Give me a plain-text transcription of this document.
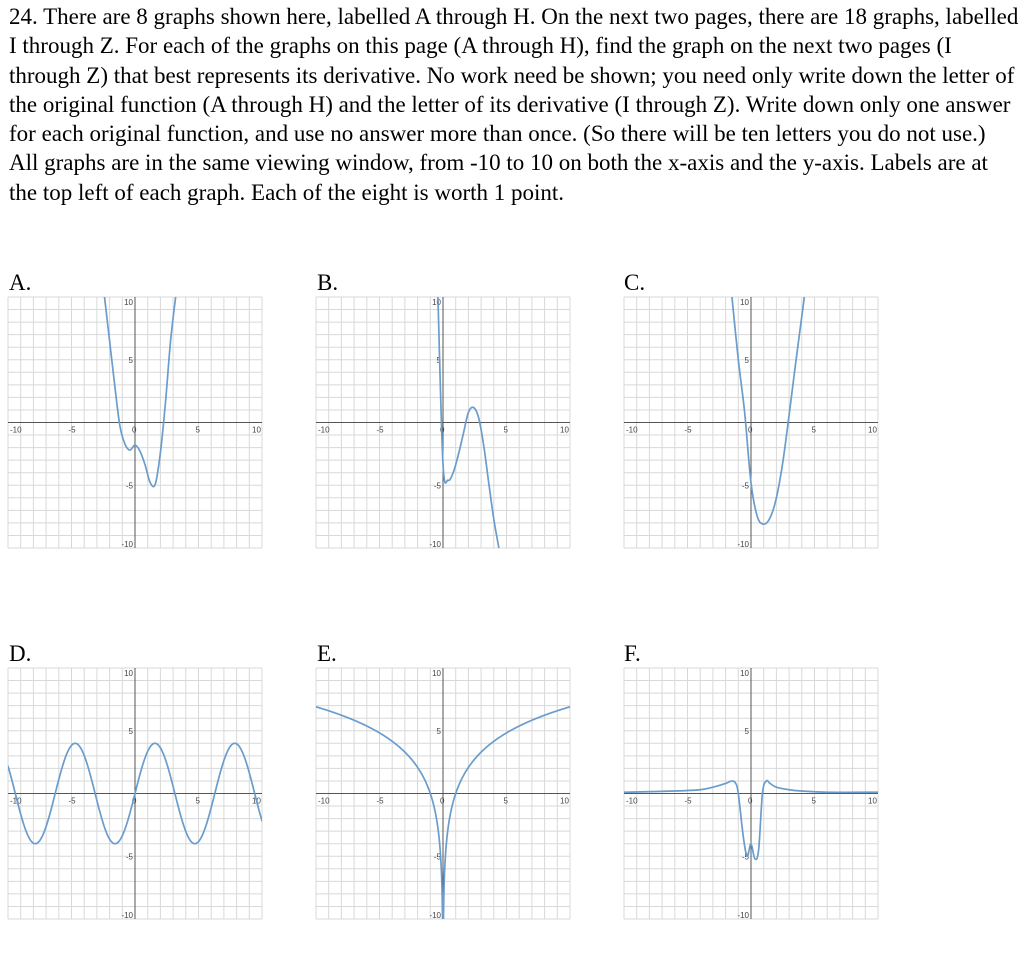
24. There are 8 graphs shown here, labelled A through H. On the next two pages, there are 18 graphs, labelled I through Z. For each of the graphs on this page (A through H), find the graph on the next two pages (I through Z) that best represents its derivative. No work need be shown; you need only write down the letter of the original function (A through H) and the letter of its derivative (I through Z). Write down only one answer for each original function, and use no answer more than once. (So there will be ten letters you do not use.) All graphs are in the same viewing window, from -10 to 10 on both the x-axis and the y-axis. Labels are at the top left of each graph. Each of the eight is worth 1 point.

A.
-10	-5	0	5	10
10
5
-5
-10
B.
-10	-5	0	5	10
10
5
-5
-10
C.
-10	-5	0	5	10
10
5
-5
-10
D.
-10	-5	0	5	10
10
5
-5
-10
E.
-10	-5	0	5	10
10
5
-5
-10
F.
-10	-5	0	5	10
10
5
-5
-10
